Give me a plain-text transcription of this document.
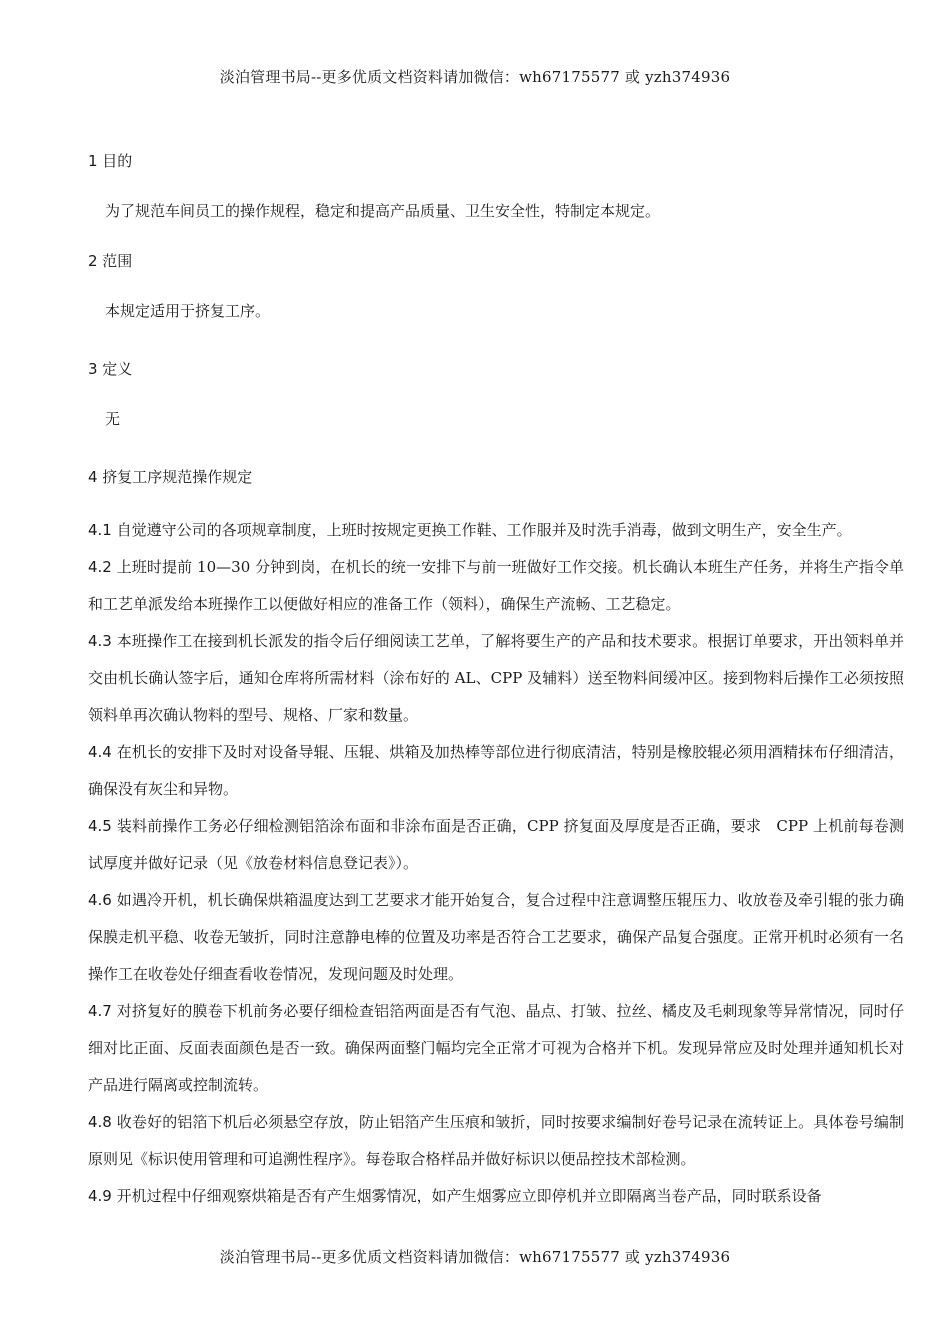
淡泊管理书局--更多优质文档资料请加微信：wh67175577 或 yzh374936
1 目的
为了规范车间员工的操作规程，稳定和提高产品质量、卫生安全性，特制定本规定。
2 范围
本规定适用于挤复工序。
3 定义
无
4 挤复工序规范操作规定

4.1 自觉遵守公司的各项规章制度，上班时按规定更换工作鞋、工作服并及时洗手消毒，做到文明生产，安全生产。

4.2 上班时提前 10—30 分钟到岗，在机长的统一安排下与前一班做好工作交接。机长确认本班生产任务，并将生产指令单和工艺单派发给本班操作工以便做好相应的准备工作（领料），确保生产流畅、工艺稳定。

4.3 本班操作工在接到机长派发的指令后仔细阅读工艺单，了解将要生产的产品和技术要求。根据订单要求，开出领料单并交由机长确认签字后，通知仓库将所需材料（涂布好的 AL、CPP 及辅料）送至物料间缓冲区。接到物料后操作工必须按照领料单再次确认物料的型号、规格、厂家和数量。

4.4 在机长的安排下及时对设备导辊、压辊、烘箱及加热棒等部位进行彻底清洁，特别是橡胶辊必须用酒精抹布仔细清洁，确保没有灰尘和异物。

4.5 装料前操作工务必仔细检测铝箔涂布面和非涂布面是否正确，CPP 挤复面及厚度是否正确，要求　CPP 上机前每卷测试厚度并做好记录（见《放卷材料信息登记表》）。

4.6 如遇冷开机，机长确保烘箱温度达到工艺要求才能开始复合，复合过程中注意调整压辊压力、收放卷及牵引辊的张力确保膜走机平稳、收卷无皱折，同时注意静电棒的位置及功率是否符合工艺要求，确保产品复合强度。正常开机时必须有一名操作工在收卷处仔细查看收卷情况，发现问题及时处理。

4.7 对挤复好的膜卷下机前务必要仔细检查铝箔两面是否有气泡、晶点、打皱、拉丝、橘皮及毛刺现象等异常情况，同时仔细对比正面、反面表面颜色是否一致。确保两面整门幅均完全正常才可视为合格并下机。发现异常应及时处理并通知机长对产品进行隔离或控制流转。

4.8 收卷好的铝箔下机后必须悬空存放，防止铝箔产生压痕和皱折，同时按要求编制好卷号记录在流转证上。具体卷号编制原则见《标识使用管理和可追溯性程序》。每卷取合格样品并做好标识以便品控技术部检测。

4.9 开机过程中仔细观察烘箱是否有产生烟雾情况，如产生烟雾应立即停机并立即隔离当卷产品，同时联系设备

淡泊管理书局--更多优质文档资料请加微信：wh67175577 或 yzh374936
